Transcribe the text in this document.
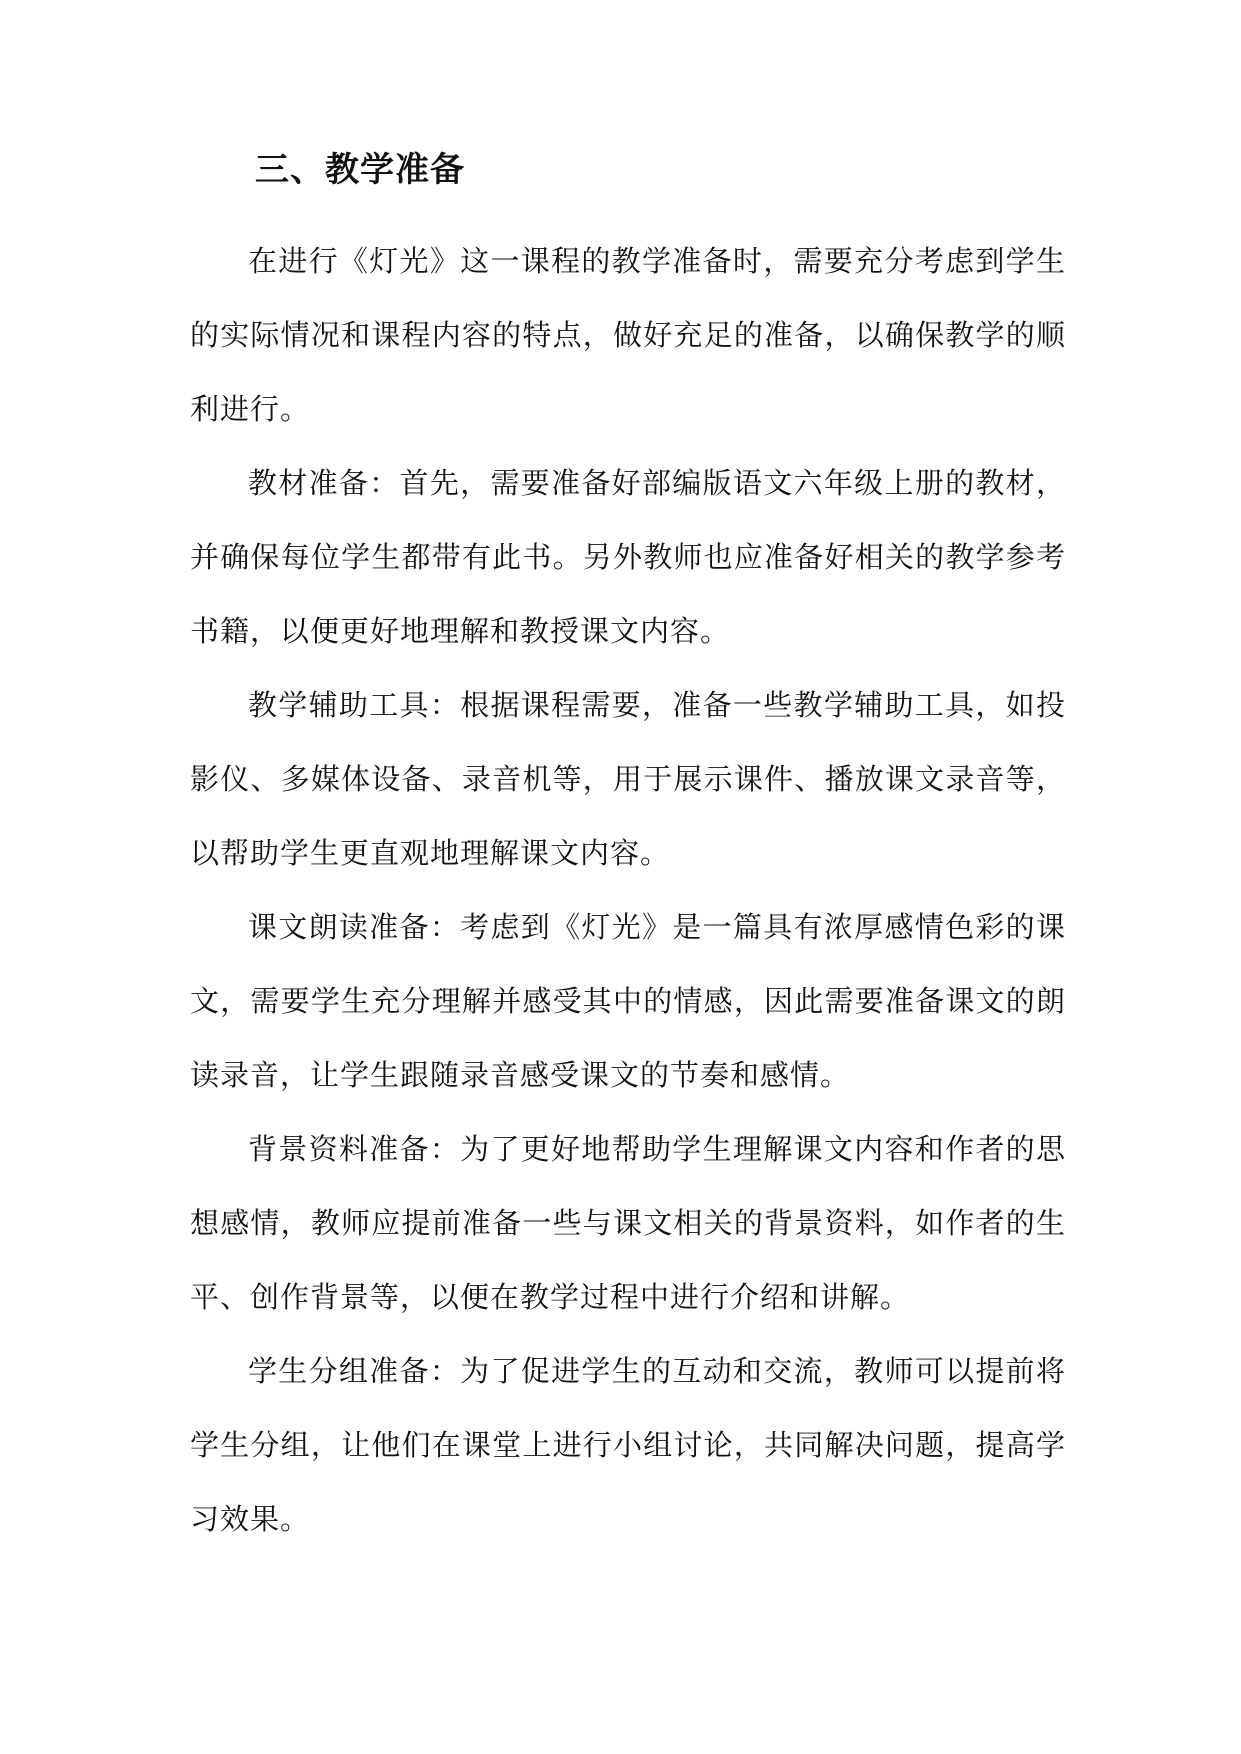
三、教学准备

在进行《灯光》这一课程的教学准备时，需要充分考虑到学生的实际情况和课程内容的特点，做好充足的准备，以确保教学的顺利进行。

教材准备：首先，需要准备好部编版语文六年级上册的教材，并确保每位学生都带有此书。另外教师也应准备好相关的教学参考书籍，以便更好地理解和教授课文内容。

教学辅助工具：根据课程需要，准备一些教学辅助工具，如投影仪、多媒体设备、录音机等，用于展示课件、播放课文录音等，以帮助学生更直观地理解课文内容。

课文朗读准备：考虑到《灯光》是一篇具有浓厚感情色彩的课文，需要学生充分理解并感受其中的情感，因此需要准备课文的朗读录音，让学生跟随录音感受课文的节奏和感情。

背景资料准备：为了更好地帮助学生理解课文内容和作者的思想感情，教师应提前准备一些与课文相关的背景资料，如作者的生平、创作背景等，以便在教学过程中进行介绍和讲解。

学生分组准备：为了促进学生的互动和交流，教师可以提前将学生分组，让他们在课堂上进行小组讨论，共同解决问题，提高学习效果。
